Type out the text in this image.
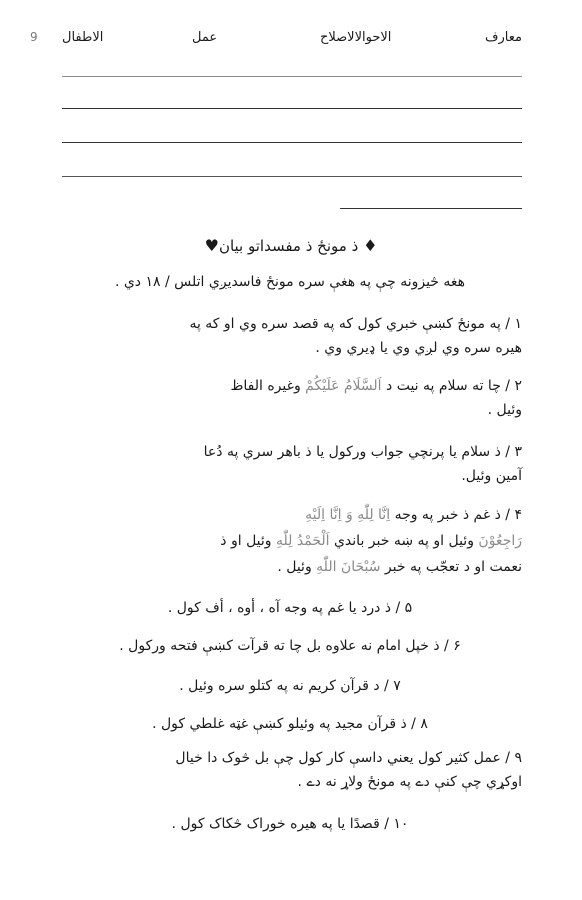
معارف
الاحوالالاصلاح
عمل
الاطفال
9
♥ذ مونځ ذ مفسداتو بيان ♦
هغه څيزونه چې په هغې سره مونځ فاسديږي اتلس / ۱۸ دي .
۱ / په مونځ کښې خبري کول که په قصد سره وي او که په
هيره سره وي لږي وي يا ډيري وي .
۲ / چا ته سلام په نيت د اَلسَّلَامُ عَلَيْکُمْ وغيره الفاظ
وئيل .
۳ / ذ سلام يا پرنچي جواب ورکول يا ذ باهر سري په دُعا
آمين وئيل.
۴ / ذ غم ذ خبر په وجه اِنَّا لِلّٰهِ وَ اِنَّا اِلَيْهِ
رَاجِعُوْنَ وئيل او په ښه خبر باندي اَلْحَمْدُ لِلّٰهِ وئيل او ذ
نعمت او د تعجّب په خبر سُبْحَانَ اللّٰهِ وئيل .
۵ / ذ درد يا غم په وجه آه ، أوه ، أف کول .
۶ / ذ خپل امام نه علاوه بل چا ته قرآت کښې فتحه ورکول .
۷ / د قرآن کريم نه په کتلو سره وئيل .
۸ / ذ قرآن مجيد په وئيلو کښې غټه غلطي کول .
۹ / عمل کثير کول يعني داسې کار کول چې بل څوک دا خيال
اوکړي چې کنې دے په مونځ ولاړ نه دے .
۱۰ / قصدًا يا په هيره خوراک څکاک کول .
